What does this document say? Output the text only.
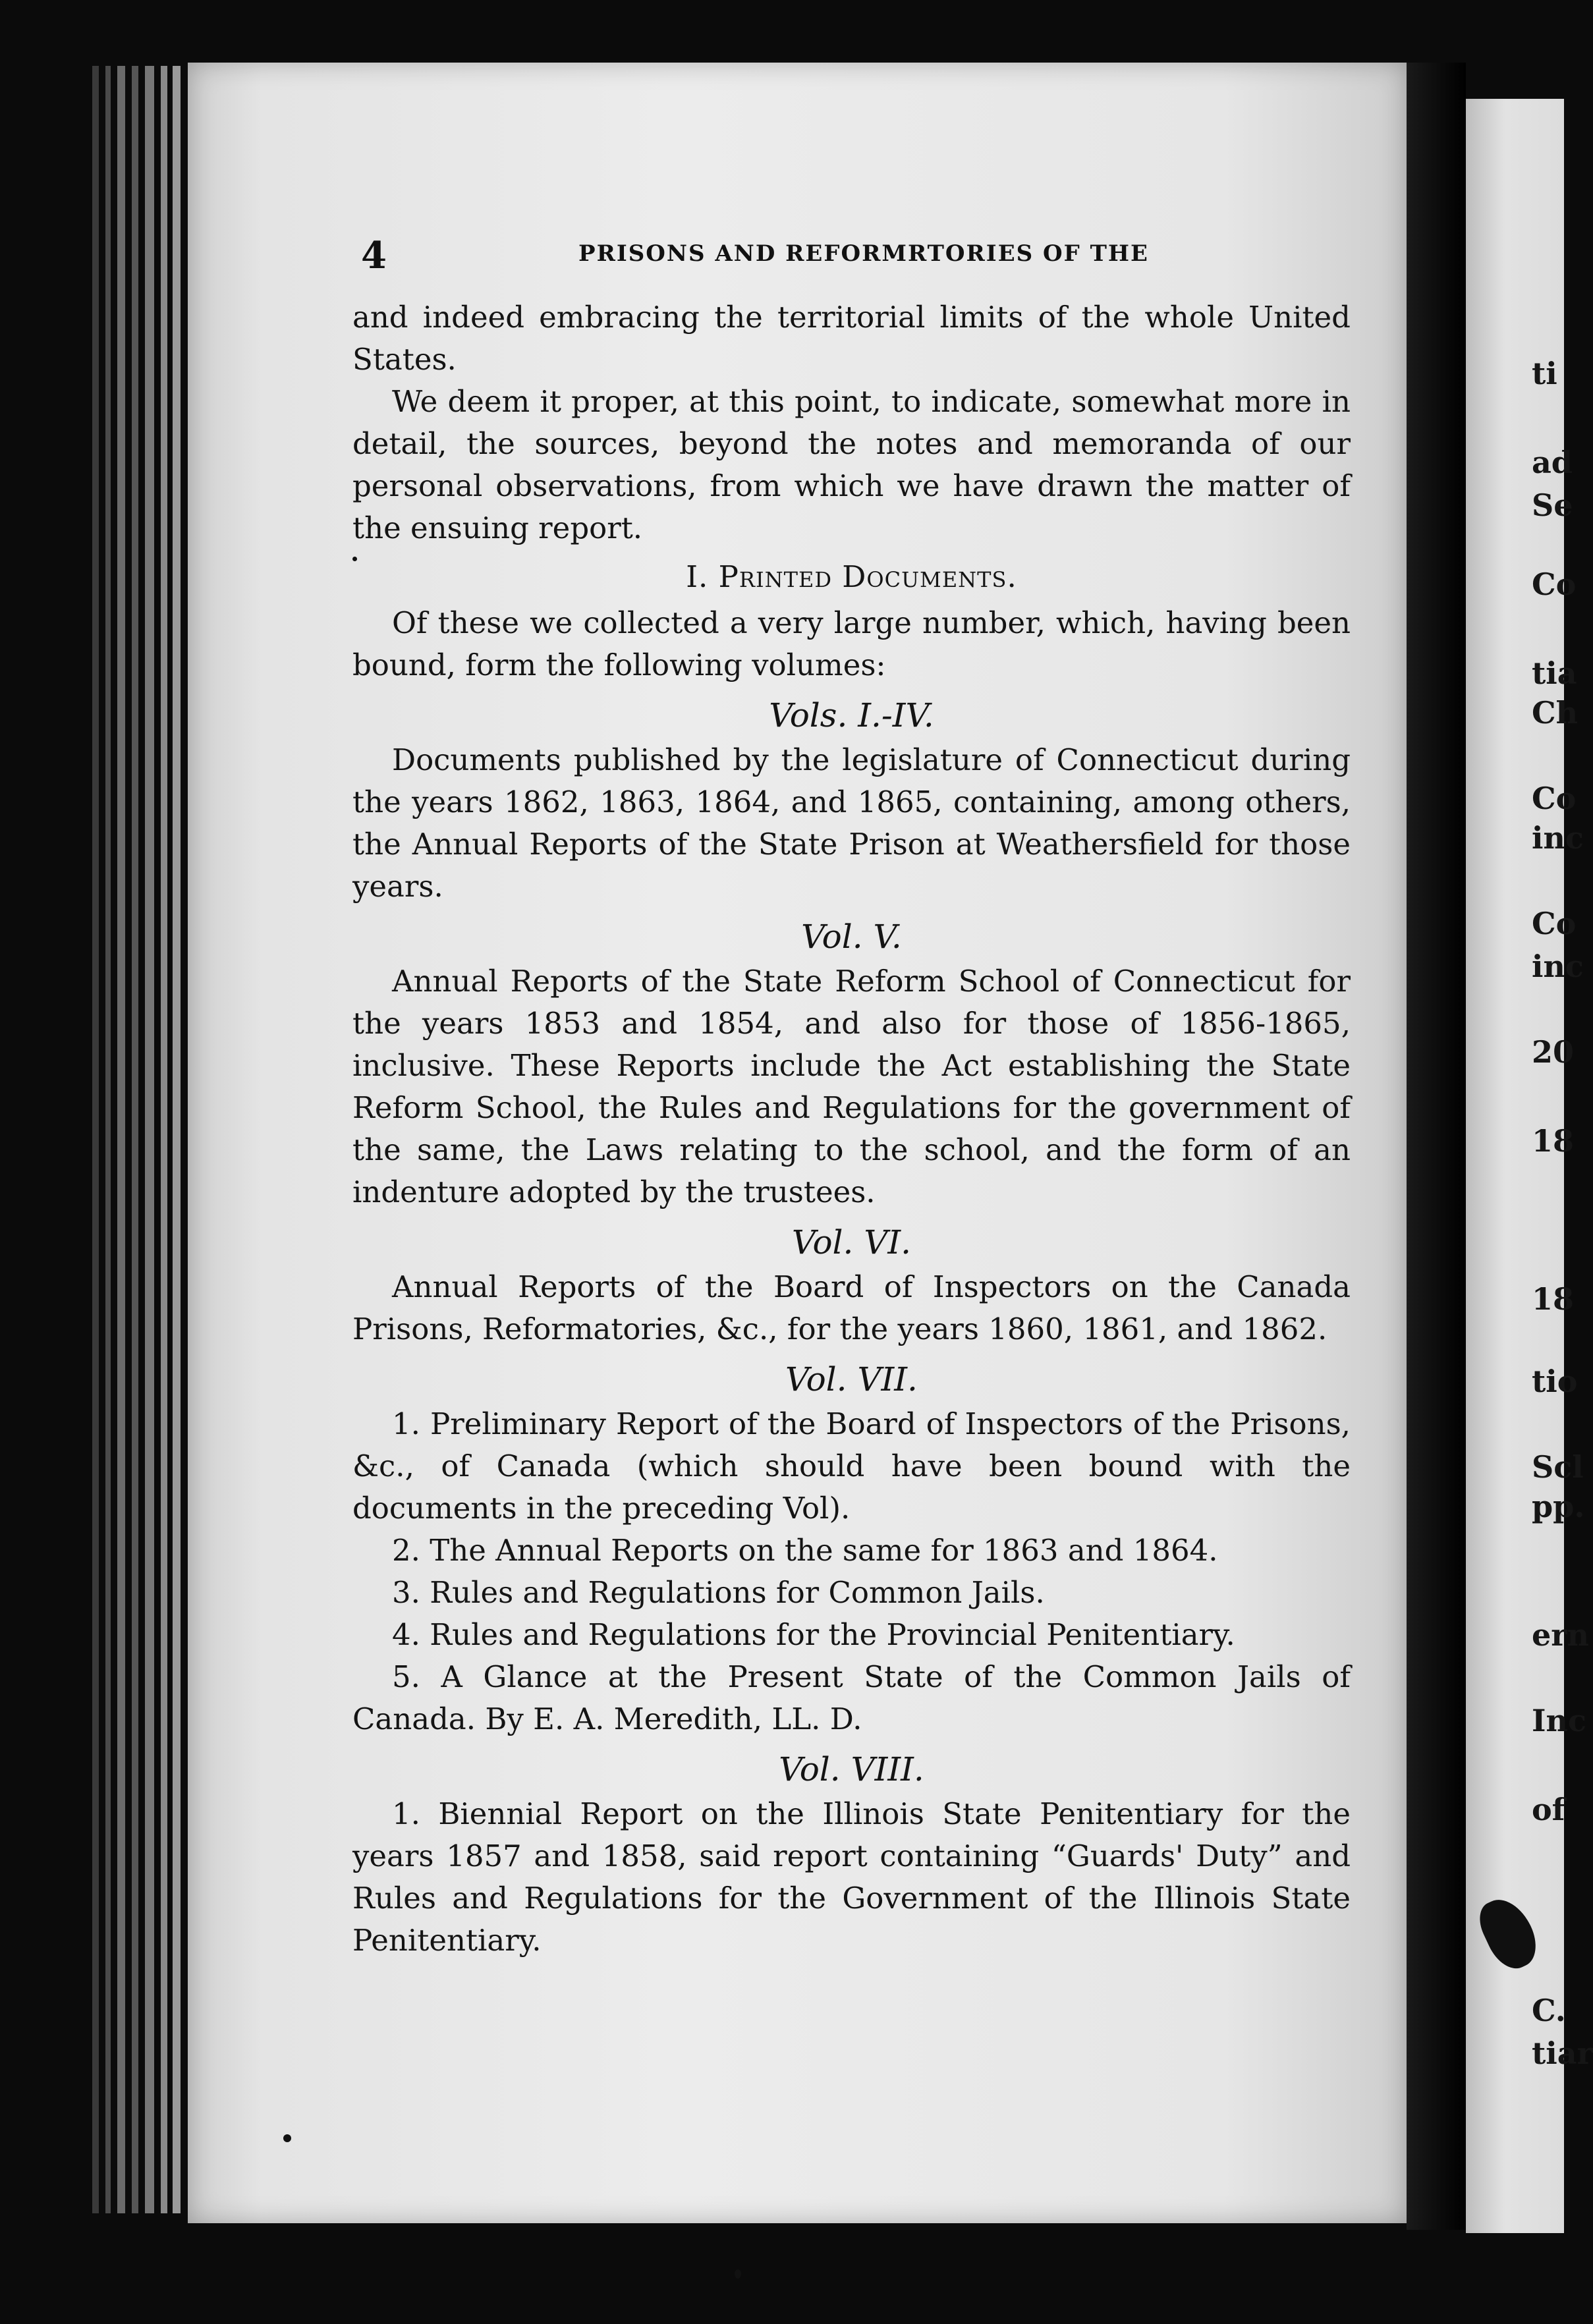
ti
ad
Se
Co
tia
Ch
Co
inc
Co
inc
20
18
18
tio
Scl
pp.
ern
Inc
of
C.
tiar
4	PRISONS AND REFORMRTORIES OF THE

and indeed embracing the territorial limits of the whole United States.

We deem it proper, at this point, to indicate, somewhat more in detail, the sources, beyond the notes and memoranda of our personal observations, from which we have drawn the matter of the ensuing report.

I. Printed Documents.

Of these we collected a very large number, which, having been bound, form the following volumes:

Vols. I.-IV.

Documents published by the legislature of Connecticut during the years 1862, 1863, 1864, and 1865, containing, among others, the Annual Reports of the State Prison at Weathersfield for those years.

Vol. V.

Annual Reports of the State Reform School of Connecticut for the years 1853 and 1854, and also for those of 1856-1865, inclusive. These Reports include the Act establishing the State Reform School, the Rules and Regulations for the government of the same, the Laws relating to the school, and the form of an indenture adopted by the trustees.

Vol. VI.

Annual Reports of the Board of Inspectors on the Canada Prisons, Reformatories, &c., for the years 1860, 1861, and 1862.

Vol. VII.

1. Preliminary Report of the Board of Inspectors of the Prisons, &c., of Canada (which should have been bound with the documents in the preceding Vol).

2. The Annual Reports on the same for 1863 and 1864.

3. Rules and Regulations for Common Jails.

4. Rules and Regulations for the Provincial Penitentiary.

5. A Glance at the Present State of the Common Jails of Canada. By E. A. Meredith, LL. D.

Vol. VIII.

1. Biennial Report on the Illinois State Penitentiary for the years 1857 and 1858, said report containing “Guards' Duty” and Rules and Regulations for the Government of the Illinois State Penitentiary.
